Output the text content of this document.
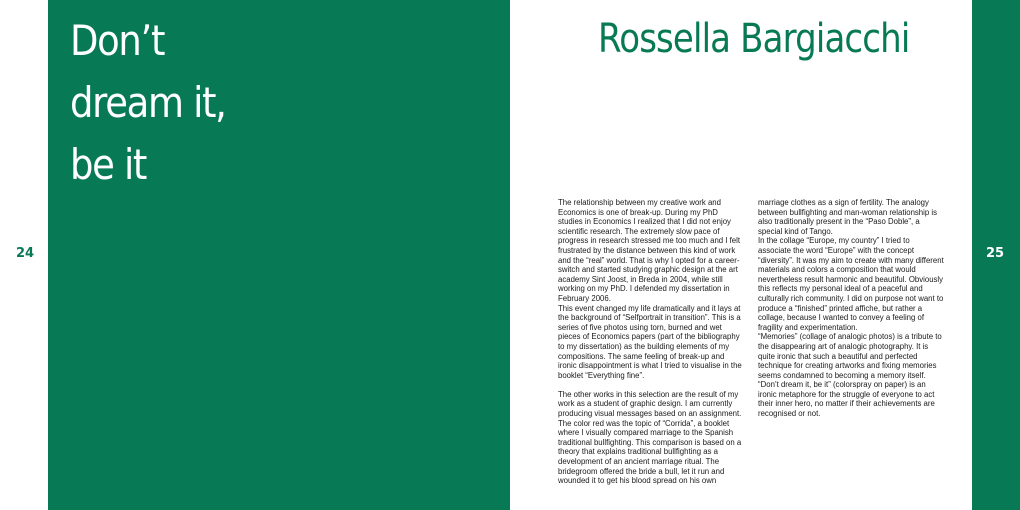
Don’t
dream it,
be it
24	25
Rossella Bargiacchi

The relationship between my creative work and Economics is one of break-up. During my PhD studies in Economics I realized that I did not enjoy scientific research. The extremely slow pace of progress in research stressed me too much and I felt frustrated by the distance between this kind of work and the “real” world. That is why I opted for a career-switch and started studying graphic design at the art academy Sint Joost, in Breda in 2004, while still working on my PhD. I defended my dissertation in February 2006.

This event changed my life dramatically and it lays at the background of “Selfportrait in transition”. This is a series of five photos using torn, burned and wet pieces of Economics papers (part of the bibliography to my dissertation) as the building elements of my compositions. The same feeling of break-up and ironic disappointment is what I tried to visualise in the booklet “Everything fine”.

The other works in this selection are the result of my work as a student of graphic design. I am currently producing visual messages based on an assignment. The color red was the topic of “Corrida”, a booklet where I visually compared marriage to the Spanish traditional bullfighting. This comparison is based on a theory that explains traditional bullfighting as a development of an ancient marriage ritual. The bridegroom offered the bride a bull, let it run and wounded it to get his blood spread on his own

marriage clothes as a sign of fertility. The analogy between bullfighting and man-woman relationship is also traditionally present in the “Paso Doble”, a special kind of Tango.

In the collage “Europe, my country” I tried to associate the word “Europe” with the concept “diversity”. It was my aim to create with many different materials and colors a composition that would nevertheless result harmonic and beautiful. Obviously this reflects my personal ideal of a peaceful and culturally rich community. I did on purpose not want to produce a “finished” printed affiche, but rather a collage, because I wanted to convey a feeling of fragility and experimentation.

“Memories” (collage of analogic photos) is a tribute to the disappearing art of analogic photography. It is quite ironic that such a beautiful and perfected technique for creating artworks and fixing memories seems condamned to becoming a memory itself.

“Don’t dream it, be it” (colorspray on paper) is an ironic metaphore for the struggle of everyone to act their inner hero, no matter if their achievements are recognised or not.
